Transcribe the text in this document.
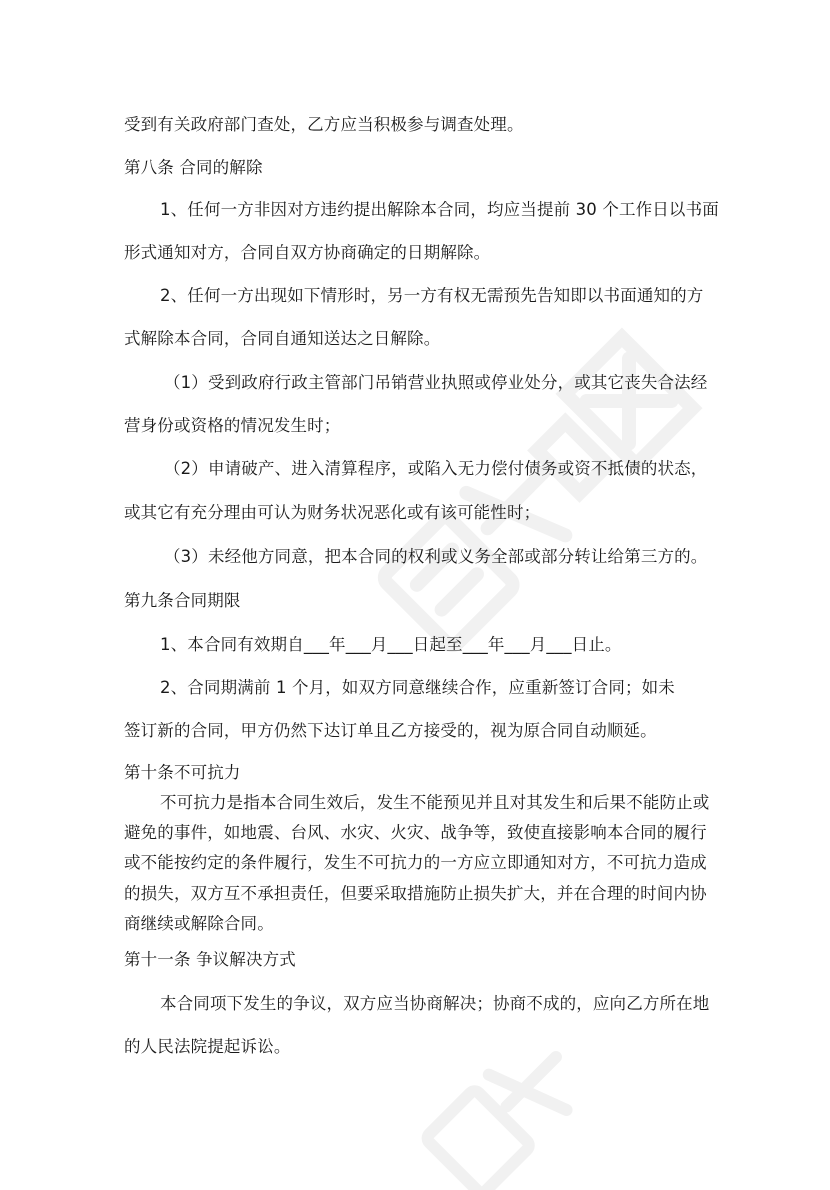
受到有关政府部门查处，乙方应当积极参与调查处理。
第八条 合同的解除
1、任何一方非因对方违约提出解除本合同，均应当提前 30 个工作日以书面
形式通知对方，合同自双方协商确定的日期解除。
2、任何一方出现如下情形时，另一方有权无需预先告知即以书面通知的方
式解除本合同，合同自通知送达之日解除。
（1）受到政府行政主管部门吊销营业执照或停业处分，或其它丧失合法经
营身份或资格的情况发生时；
（2）申请破产、进入清算程序，或陷入无力偿付债务或资不抵债的状态，
或其它有充分理由可认为财务状况恶化或有该可能性时；
（3）未经他方同意，把本合同的权利或义务全部或部分转让给第三方的。
第九条合同期限
1、本合同有效期自___年___月___日起至___年___月___日止。
2、合同期满前 1 个月，如双方同意继续合作，应重新签订合同；如未
签订新的合同，甲方仍然下达订单且乙方接受的，视为原合同自动顺延。
第十条不可抗力
不可抗力是指本合同生效后，发生不能预见并且对其发生和后果不能防止或
避免的事件，如地震、台风、水灾、火灾、战争等，致使直接影响本合同的履行
或不能按约定的条件履行，发生不可抗力的一方应立即通知对方，不可抗力造成
的损失，双方互不承担责任，但要采取措施防止损失扩大，并在合理的时间内协
商继续或解除合同。
第十一条 争议解决方式
本合同项下发生的争议，双方应当协商解决；协商不成的，应向乙方所在地
的人民法院提起诉讼。
